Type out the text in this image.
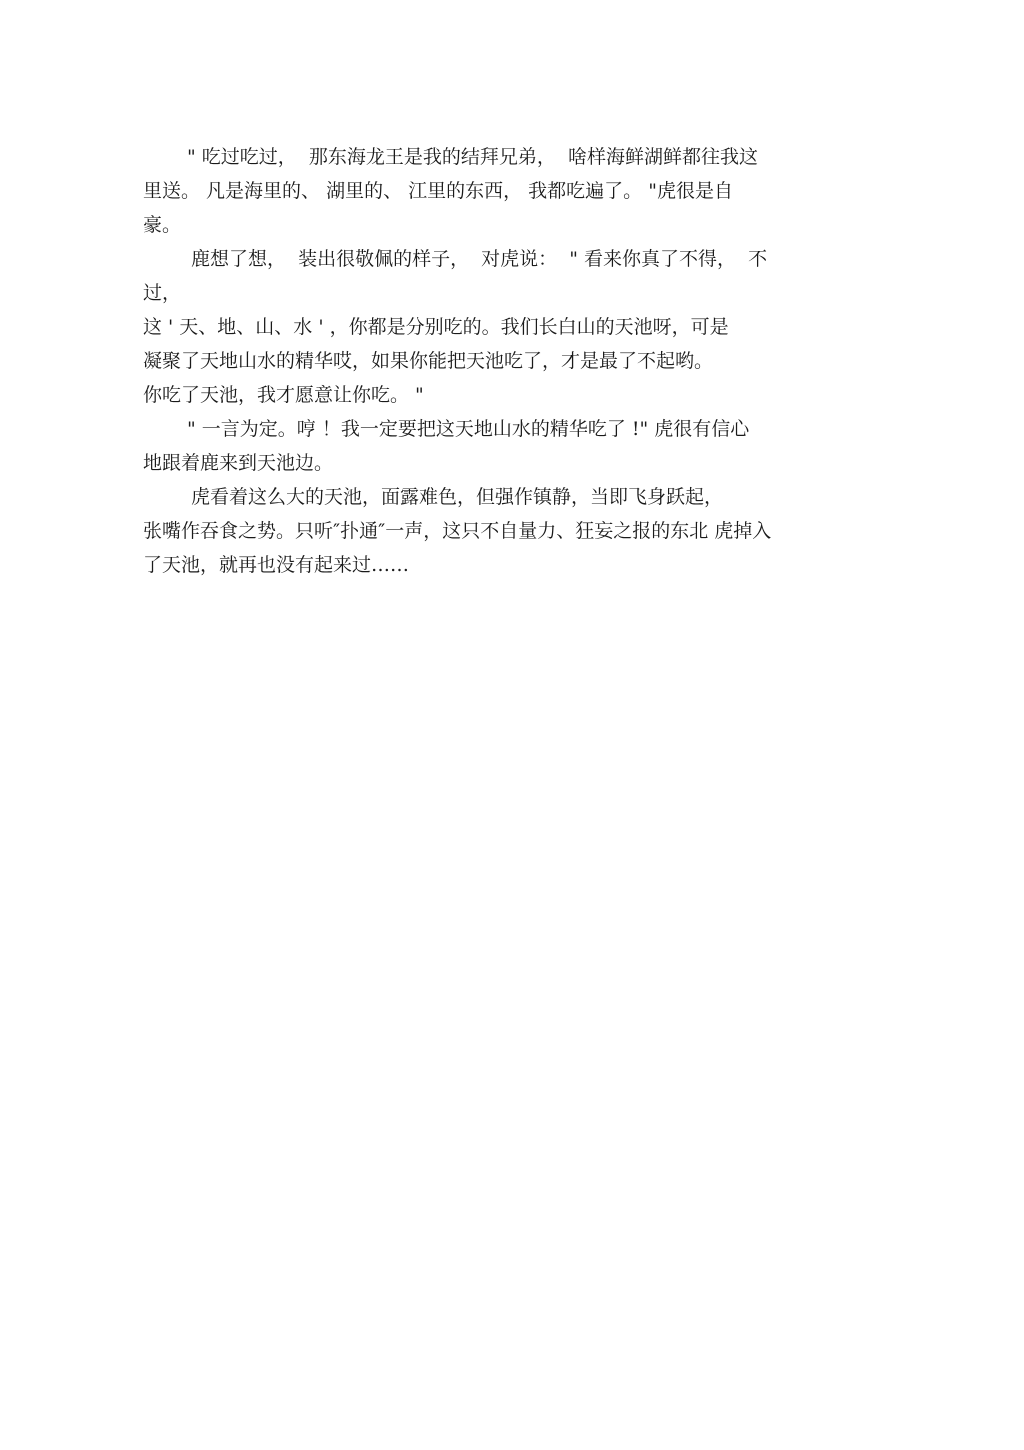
" 吃过吃过，  那东海龙王是我的结拜兄弟，  啥样海鲜湖鲜都往我这
里送。 凡是海里的、 湖里的、 江里的东西， 我都吃遍了。 "虎很是自
豪。
鹿想了想，  装出很敬佩的样子，  对虎说：  " 看来你真了不得，  不
过，
这 ' 天、地、山、水 ' ，你都是分别吃的。我们长白山的天池呀，可是
凝聚了天地山水的精华哎，如果你能把天池吃了，才是最了不起哟。
你吃了天池，我才愿意让你吃。 "
" 一言为定。哼 ！我一定要把这天地山水的精华吃了 !" 虎很有信心
地跟着鹿来到天池边。
虎看着这么大的天池，面露难色，但强作镇静，当即飞身跃起，
张嘴作吞食之势。只听″扑通″一声，这只不自量力、狂妄之报的东北 虎掉入
了天池，就再也没有起来过……
